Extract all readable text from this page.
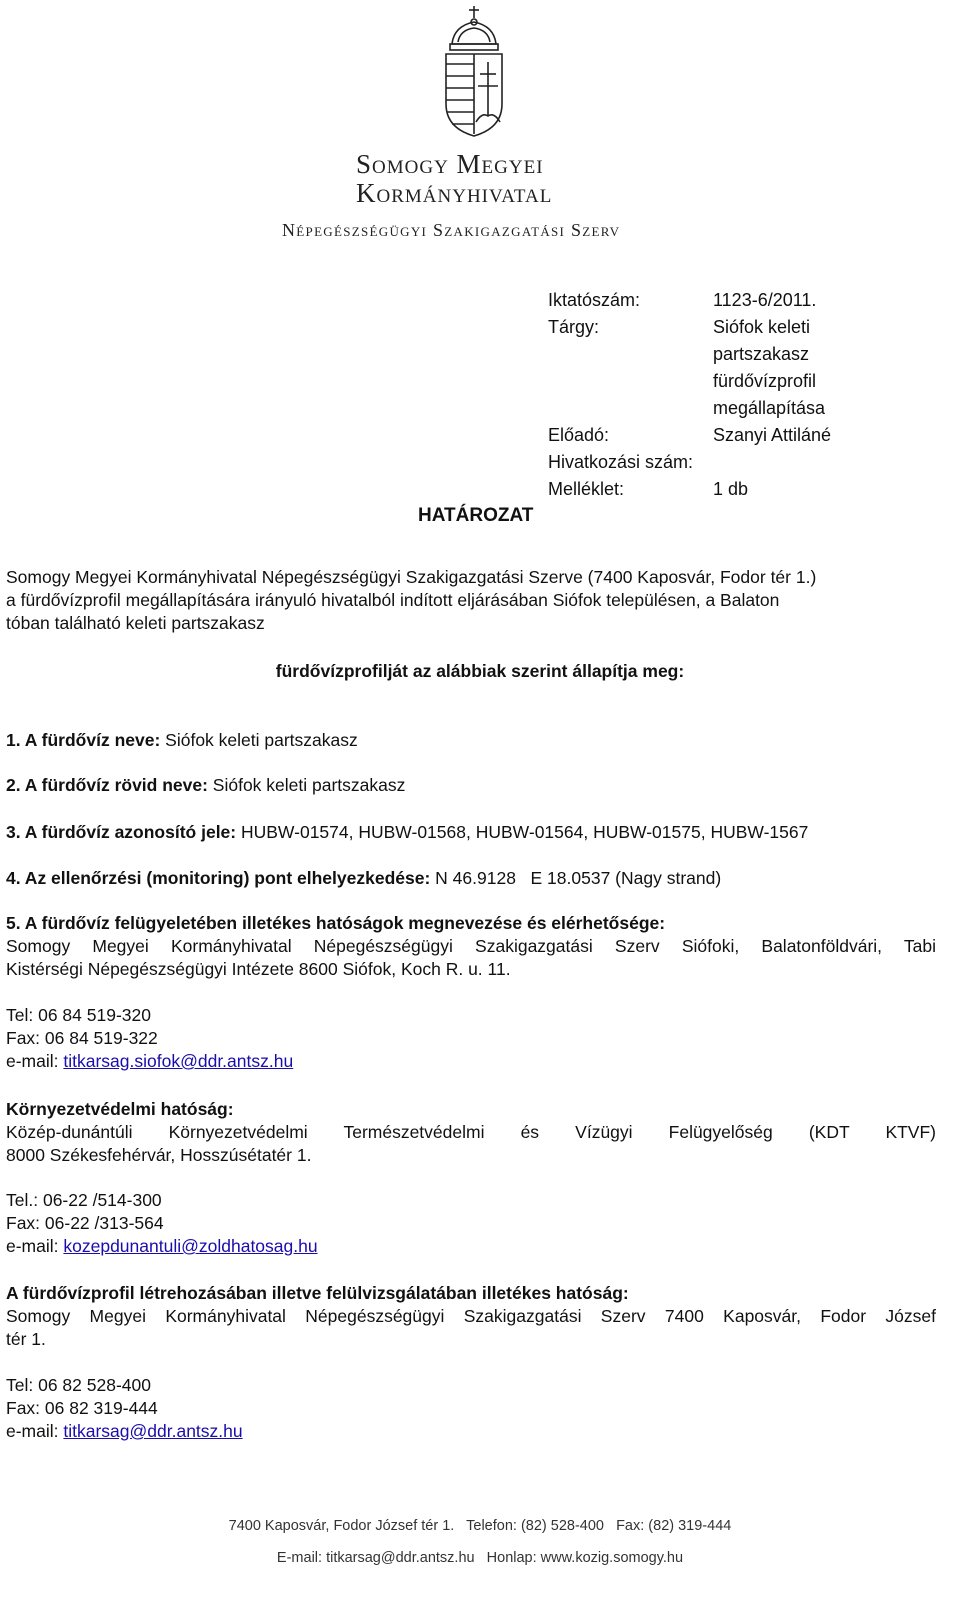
Somogy Megyei
Kormányhivatal
Népegészségügyi Szakigazgatási Szerv
Iktatószám:	1123-6/2011.
Tárgy:	Siófok keleti partszakasz fürdővízprofil megállapítása
Előadó:	Szanyi Attiláné
Hivatkozási szám:
Melléklet:	1 db
HATÁROZAT
Somogy Megyei Kormányhivatal Népegészségügyi Szakigazgatási Szerve (7400 Kaposvár, Fodor tér 1.)
a fürdővízprofil megállapítására irányuló hivatalból indított eljárásában Siófok településen, a Balaton
tóban található keleti partszakasz
fürdővízprofilját az alábbiak szerint állapítja meg:
1. A fürdővíz neve: Siófok keleti partszakasz
2. A fürdővíz rövid neve: Siófok keleti partszakasz
3. A fürdővíz azonosító jele: HUBW-01574, HUBW-01568, HUBW-01564, HUBW-01575, HUBW-1567
4. Az ellenőrzési (monitoring) pont elhelyezkedése: N 46.9128   E 18.0537 (Nagy strand)
5. A fürdővíz felügyeletében illetékes hatóságok megnevezése és elérhetősége:
Somogy Megyei Kormányhivatal Népegészségügyi Szakigazgatási Szerv Siófoki, Balatonföldvári, Tabi
Kistérségi Népegészségügyi Intézete 8600 Siófok, Koch R. u. 11.
Tel: 06 84 519-320
Fax: 06 84 519-322
e-mail: titkarsag.siofok@ddr.antsz.hu
Környezetvédelmi hatóság:
Közép-dunántúli Környezetvédelmi Természetvédelmi és Vízügyi Felügyelőség (KDT KTVF)
8000 Székesfehérvár, Hosszúsétatér 1.
Tel.: 06-22 /514-300
Fax: 06-22 /313-564
e-mail: kozepdunantuli@zoldhatosag.hu
A fürdővízprofil létrehozásában illetve felülvizsgálatában illetékes hatóság:
Somogy Megyei Kormányhivatal Népegészségügyi Szakigazgatási Szerv 7400 Kaposvár, Fodor József
tér 1.
Tel: 06 82 528-400
Fax: 06 82 319-444
e-mail: titkarsag@ddr.antsz.hu
7400 Kaposvár, Fodor József tér 1.   Telefon: (82) 528-400   Fax: (82) 319-444
E-mail: titkarsag@ddr.antsz.hu   Honlap: www.kozig.somogy.hu
